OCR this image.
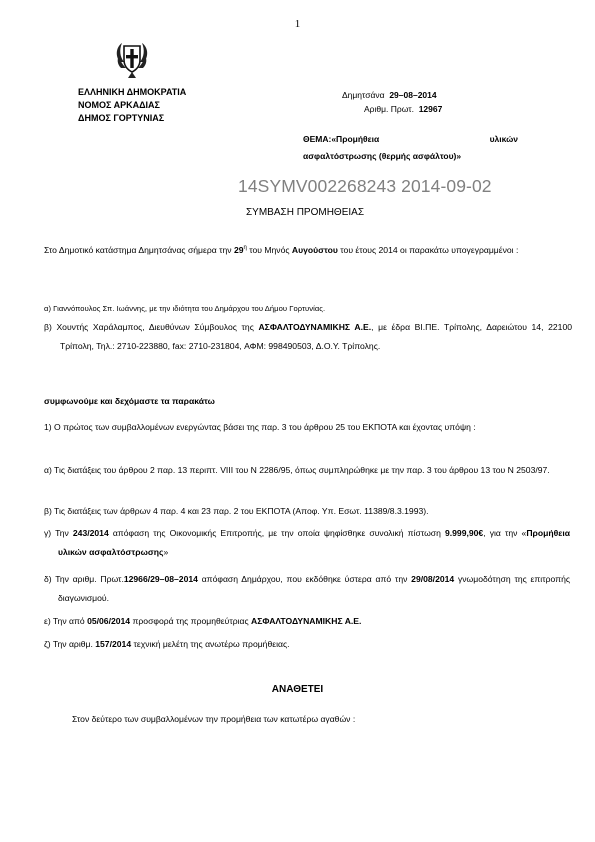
1
ΕΛΛΗΝΙΚΗ ΔΗΜΟΚΡΑΤΙΑ
ΝΟΜΟΣ ΑΡΚΑΔΙΑΣ
ΔΗΜΟΣ ΓΟΡΤΥΝΙΑΣ
Δημητσάνα 29–08–2014
Αριθμ. Πρωτ. 12967
ΘΕΜΑ:«Προμήθεια	υλικών
ασφαλτόστρωσης (θερμής ασφάλτου)»
14SYMV002268243 2014-09-02
ΣΥΜΒΑΣΗ ΠΡΟΜΗΘΕΙΑΣ
Στο Δημοτικό κατάστημα Δημητσάνας σήμερα την $29^\eta$ του Μηνός Αυγούστου του έτους 2014 οι παρακάτω υπογεγραμμένοι :
α) Γιαννόπουλος Σπ. Ιωάννης, με την ιδιότητα του Δημάρχου του Δήμου Γορτυνίας.
β) Χουντής Χαράλαμπος, Διευθύνων Σύμβουλος της ΑΣΦΑΛΤΟΔΥΝΑΜΙΚΗΣ Α.Ε., με έδρα ΒΙ.ΠΕ. Τρίπολης, Δαρειώτου 14, 22100 Τρίπολη, Τηλ.: 2710-223880, fax: 2710-231804, ΑΦΜ: 998490503, Δ.Ο.Υ. Τρίπολης.
συμφωνούμε και δεχόμαστε τα παρακάτω
1) Ο πρώτος των συμβαλλομένων ενεργώντας βάσει της παρ. 3 του άρθρου 25 του ΕΚΠΟΤΑ και έχοντας υπόψη :
α) Τις διατάξεις του άρθρου 2 παρ. 13 περιπτ. VIII του Ν 2286/95, όπως συμπληρώθηκε με την παρ. 3 του άρθρου 13 του Ν 2503/97.
β) Τις διατάξεις των άρθρων 4 παρ. 4 και 23 παρ. 2 του ΕΚΠΟΤΑ (Αποφ. Υπ. Εσωτ. 11389/8.3.1993).
γ) Την 243/2014 απόφαση της Οικονομικής Επιτροπής, με την οποία ψηφίσθηκε συνολική πίστωση 9.999,90€, για την «Προμήθεια υλικών ασφαλτόστρωσης»
δ) Την αριθμ. Πρωτ.12966/29–08–2014 απόφαση Δημάρχου, που εκδόθηκε ύστερα από την 29/08/2014 γνωμοδότηση της επιτροπής διαγωνισμού.
ε) Την από 05/06/2014 προσφορά της προμηθεύτριας ΑΣΦΑΛΤΟΔΥΝΑΜΙΚΗΣ Α.Ε.
ζ) Την αριθμ. 157/2014 τεχνική μελέτη της ανωτέρω προμήθειας.
ΑΝΑΘΕΤΕΙ
Στον δεύτερο των συμβαλλομένων την προμήθεια των κατωτέρω αγαθών :
